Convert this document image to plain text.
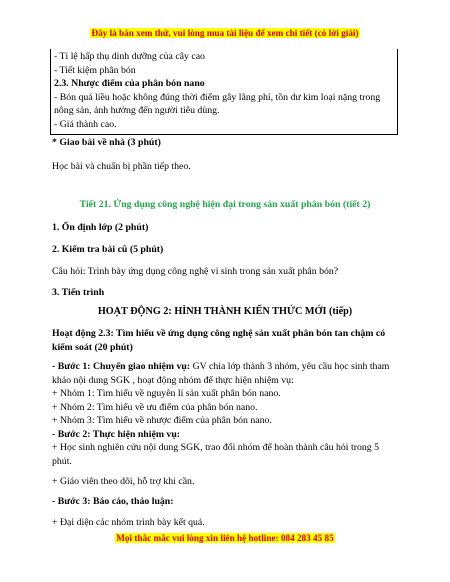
Đây là bản xem thử, vui lòng mua tài liệu để xem chi tiết (có lời giải)
- Tỉ lệ hấp thụ dinh dưỡng của cây cao
- Tiết kiệm phân bón
2.3. Nhược điểm của phân bón nano
- Bón quá liều hoặc không đúng thời điểm gây lãng phí, tồn dư kim loại nặng trong nông sản, ảnh hưởng đến người tiêu dùng.
- Giá thành cao.
* Giao bài về nhà (3 phút)
Học bài và chuẩn bị phần tiếp theo.
Tiết 21. Ứng dụng công nghệ hiện đại trong sản xuất phân bón (tiết 2)
1. Ổn định lớp (2 phút)
2. Kiểm tra bài cũ (5 phút)
Câu hỏi: Trình bày ứng dụng công nghệ vi sinh trong sản xuất phân bón?
3. Tiến trình
HOẠT ĐỘNG 2: HÌNH THÀNH KIẾN THỨC MỚI (tiếp)
Hoạt động 2.3: Tìm hiểu về ứng dụng công nghệ sản xuất phân bón tan chậm có kiểm soát (20 phút)
- Bước 1: Chuyển giao nhiệm vụ: GV chia lớp thành 3 nhóm, yêu cầu học sinh tham khảo nội dung SGK , hoạt động nhóm để thực hiện nhiệm vụ:
+ Nhóm 1: Tìm hiểu về nguyên lí sản xuất phân bón nano.
+ Nhóm 2: Tìm hiểu về ưu điểm của phân bón nano.
+ Nhóm 3: Tìm hiểu về nhược điểm của phân bón nano.
- Bước 2: Thực hiện nhiệm vụ:
+ Học sinh nghiên cứu nội dung SGK, trao đổi nhóm để hoàn thành câu hỏi trong 5 phút.
+ Giáo viên theo dõi, hỗ trợ khi cần.
- Bước 3: Báo cáo, thảo luận:
+ Đại diện các nhóm trình bày kết quả.
Mọi thắc mắc vui lòng xin liên hệ hotline: 084 283 45 85
